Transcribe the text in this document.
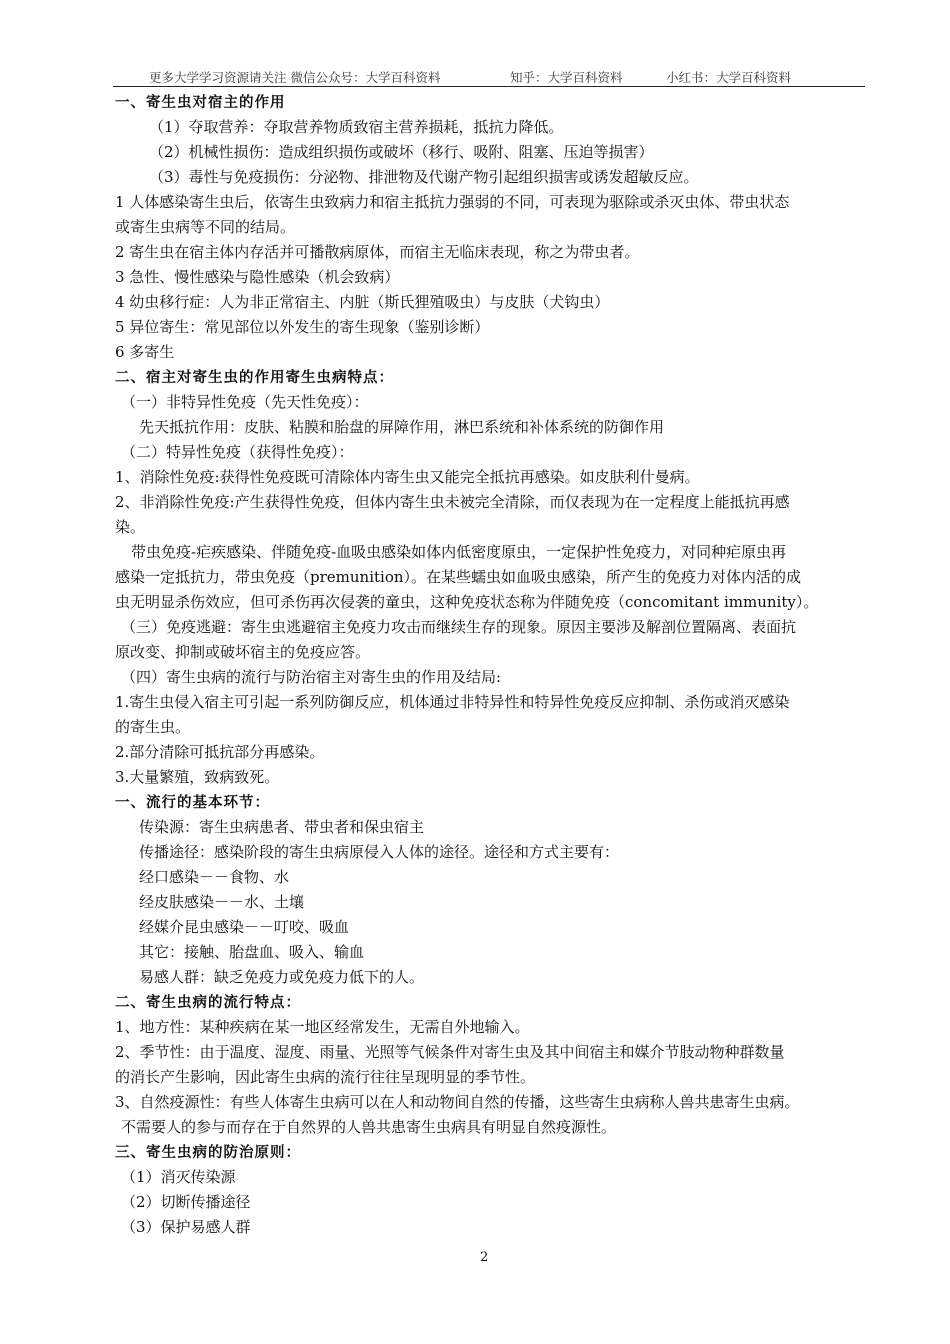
更多大学学习资源请关注 微信公众号：大学百科资料	知乎：大学百科资料	小红书：大学百科资料
一、寄生虫对宿主的作用
（1）夺取营养：夺取营养物质致宿主营养损耗，抵抗力降低。
（2）机械性损伤：造成组织损伤或破坏（移行、吸附、阻塞、压迫等损害）
（3）毒性与免疫损伤：分泌物、排泄物及代谢产物引起组织损害或诱发超敏反应。
1 人体感染寄生虫后，依寄生虫致病力和宿主抵抗力强弱的不同，可表现为驱除或杀灭虫体、带虫状态
或寄生虫病等不同的结局。
2 寄生虫在宿主体内存活并可播散病原体，而宿主无临床表现，称之为带虫者。
3 急性、慢性感染与隐性感染（机会致病）
4 幼虫移行症：人为非正常宿主、内脏（斯氏狸殖吸虫）与皮肤（犬钩虫）
5 异位寄生：常见部位以外发生的寄生现象（鉴别诊断）
6 多寄生
二、宿主对寄生虫的作用寄生虫病特点：
（一）非特异性免疫（先天性免疫）：
先天抵抗作用：皮肤、粘膜和胎盘的屏障作用，淋巴系统和补体系统的防御作用
（二）特异性免疫（获得性免疫）：
1、消除性免疫:获得性免疫既可清除体内寄生虫又能完全抵抗再感染。如皮肤利什曼病。
2、非消除性免疫:产生获得性免疫，但体内寄生虫未被完全清除，而仅表现为在一定程度上能抵抗再感
染。
带虫免疫-疟疾感染、伴随免疫-血吸虫感染如体内低密度原虫，一定保护性免疫力，对同种疟原虫再
感染一定抵抗力，带虫免疫（premunition）。在某些蠕虫如血吸虫感染，所产生的免疫力对体内活的成
虫无明显杀伤效应，但可杀伤再次侵袭的童虫，这种免疫状态称为伴随免疫（concomitant immunity）。
（三）免疫逃避：寄生虫逃避宿主免疫力攻击而继续生存的现象。原因主要涉及解剖位置隔离、表面抗
原改变、抑制或破坏宿主的免疫应答。
（四）寄生虫病的流行与防治宿主对寄生虫的作用及结局:
1.寄生虫侵入宿主可引起一系列防御反应，机体通过非特异性和特异性免疫反应抑制、杀伤或消灭感染
的寄生虫。
2.部分清除可抵抗部分再感染。
3.大量繁殖，致病致死。
一、流行的基本环节：
传染源：寄生虫病患者、带虫者和保虫宿主
传播途径：感染阶段的寄生虫病原侵入人体的途径。途径和方式主要有：
经口感染－－食物、水
经皮肤感染－－水、土壤
经媒介昆虫感染－－叮咬、吸血
其它：接触、胎盘血、吸入、输血
易感人群：缺乏免疫力或免疫力低下的人。
二、寄生虫病的流行特点：
1、地方性：某种疾病在某一地区经常发生，无需自外地输入。
2、季节性：由于温度、湿度、雨量、光照等气候条件对寄生虫及其中间宿主和媒介节肢动物种群数量
的消长产生影响，因此寄生虫病的流行往往呈现明显的季节性。
3、自然疫源性：有些人体寄生虫病可以在人和动物间自然的传播，这些寄生虫病称人兽共患寄生虫病。
不需要人的参与而存在于自然界的人兽共患寄生虫病具有明显自然疫源性。
三、寄生虫病的防治原则：
（1）消灭传染源
（2）切断传播途径
（3）保护易感人群
2
